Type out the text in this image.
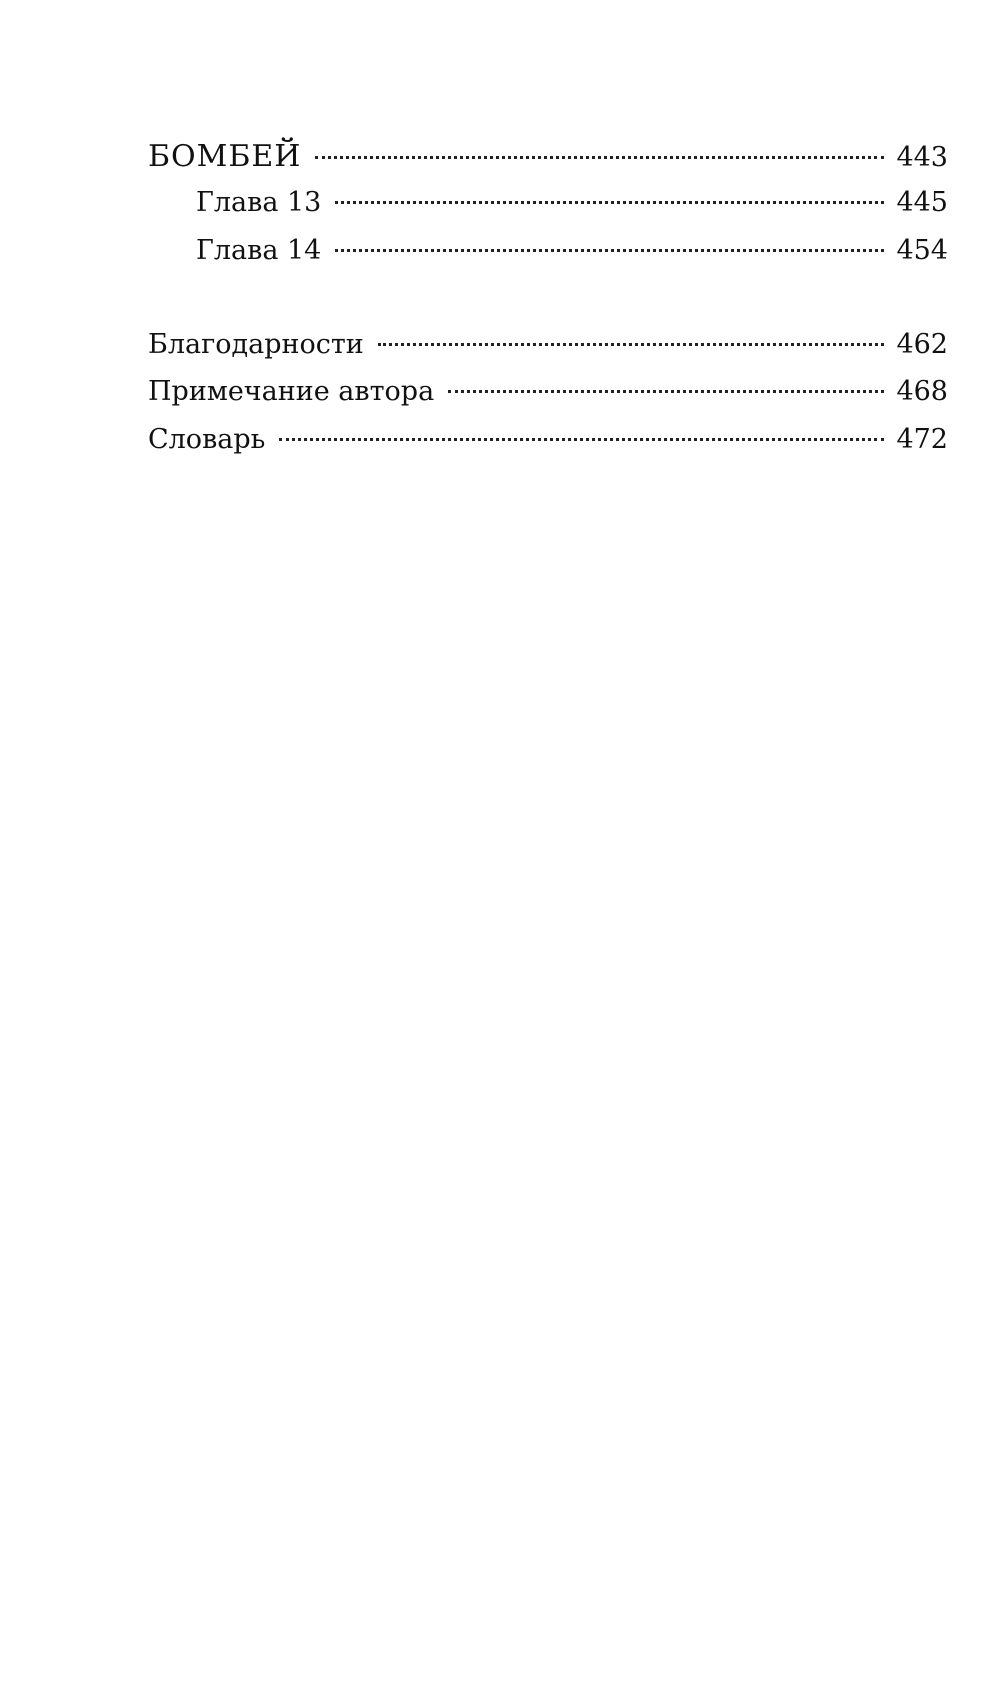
БОМБЕЙ	443
Глава 13	445
Глава 14	454
Благодарности	462
Примечание автора	468
Словарь	472
